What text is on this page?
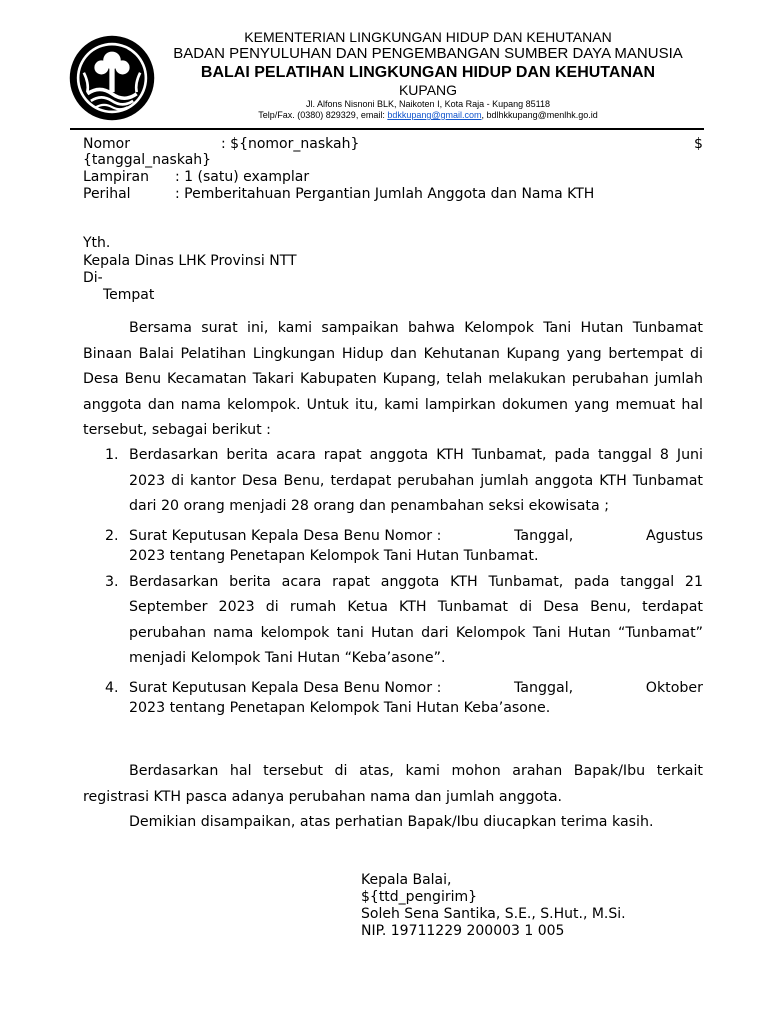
KEMENTERIAN LINGKUNGAN HIDUP DAN KEHUTANAN
BADAN PENYULUHAN DAN PENGEMBANGAN SUMBER DAYA MANUSIA
BALAI PELATIHAN LINGKUNGAN HIDUP DAN KEHUTANAN
KUPANG
Jl. Alfons Nisnoni BLK, Naikoten I, Kota Raja - Kupang 85118
Telp/Fax. (0380) 829329, email: bdkkupang@gmail.com, bdlhkkupang@menlhk.go.id
Nomor	: ${nomor_naskah}	$
{tanggal_naskah}
Lampiran : 1 (satu) examplar
Perihal	: Pemberitahuan Pergantian Jumlah Anggota dan Nama KTH
Yth.
Kepala Dinas LHK Provinsi NTT
Di-
Tempat
Bersama surat ini, kami sampaikan bahwa Kelompok Tani Hutan Tunbamat Binaan Balai Pelatihan Lingkungan Hidup dan Kehutanan Kupang yang bertempat di Desa Benu Kecamatan Takari Kabupaten Kupang, telah melakukan perubahan jumlah anggota dan nama kelompok. Untuk itu, kami lampirkan dokumen yang memuat hal tersebut, sebagai berikut :
1. Berdasarkan berita acara rapat anggota KTH Tunbamat, pada tanggal 8 Juni 2023 di kantor Desa Benu, terdapat perubahan jumlah anggota KTH Tunbamat dari 20 orang menjadi 28 orang dan penambahan seksi ekowisata ;
2. Surat Keputusan Kepala Desa Benu Nomor :	Tanggal,	Agustus
2023 tentang Penetapan Kelompok Tani Hutan Tunbamat.
3. Berdasarkan berita acara rapat anggota KTH Tunbamat, pada tanggal 21 September 2023 di rumah Ketua KTH Tunbamat di Desa Benu, terdapat perubahan nama kelompok tani Hutan dari Kelompok Tani Hutan “Tunbamat” menjadi Kelompok Tani Hutan “Keba’asone”.
4. Surat Keputusan Kepala Desa Benu Nomor :	Tanggal,	Oktober
2023 tentang Penetapan Kelompok Tani Hutan Keba’asone.
Berdasarkan hal tersebut di atas, kami mohon arahan Bapak/Ibu terkait registrasi KTH pasca adanya perubahan nama dan jumlah anggota.
Demikian disampaikan, atas perhatian Bapak/Ibu diucapkan terima kasih.
Kepala Balai,
${ttd_pengirim}
Soleh Sena Santika, S.E., S.Hut., M.Si.
NIP. 19711229 200003 1 005
